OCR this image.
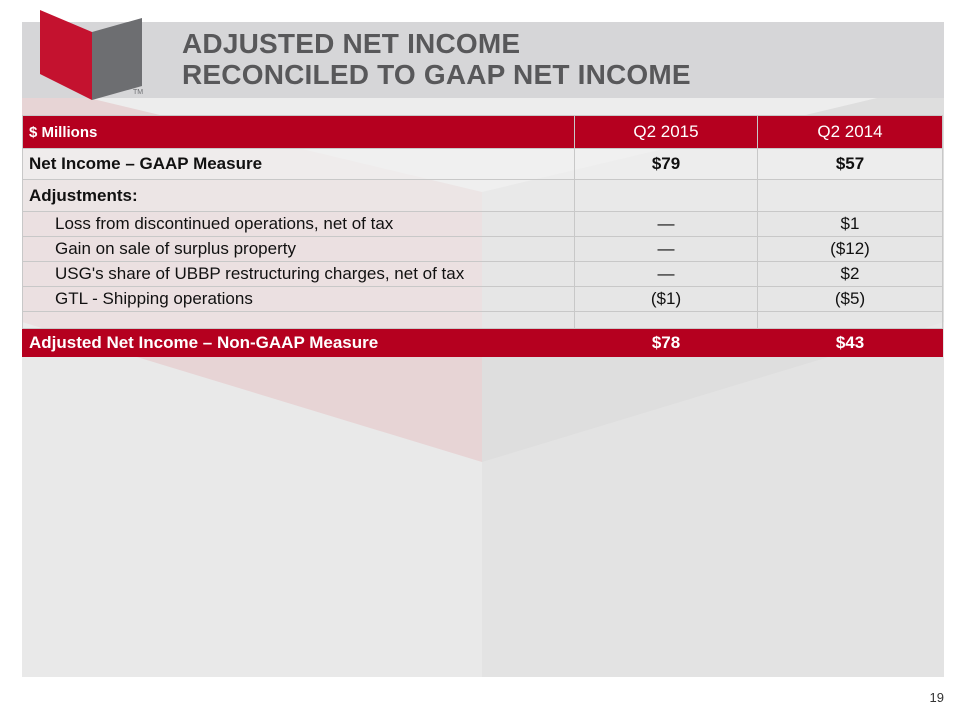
TM
ADJUSTED NET INCOME
RECONCILED TO GAAP NET INCOME
$ Millions	Q2 2015	Q2 2014
Net Income – GAAP Measure	$79	$57
Adjustments:		
Loss from discontinued operations, net of tax	—	$1
Gain on sale of surplus property	—	($12)
USG's share of UBBP restructuring charges, net of tax	—	$2
GTL - Shipping operations	($1)	($5)

Adjusted Net Income – Non-GAAP Measure	$78	$43
19
